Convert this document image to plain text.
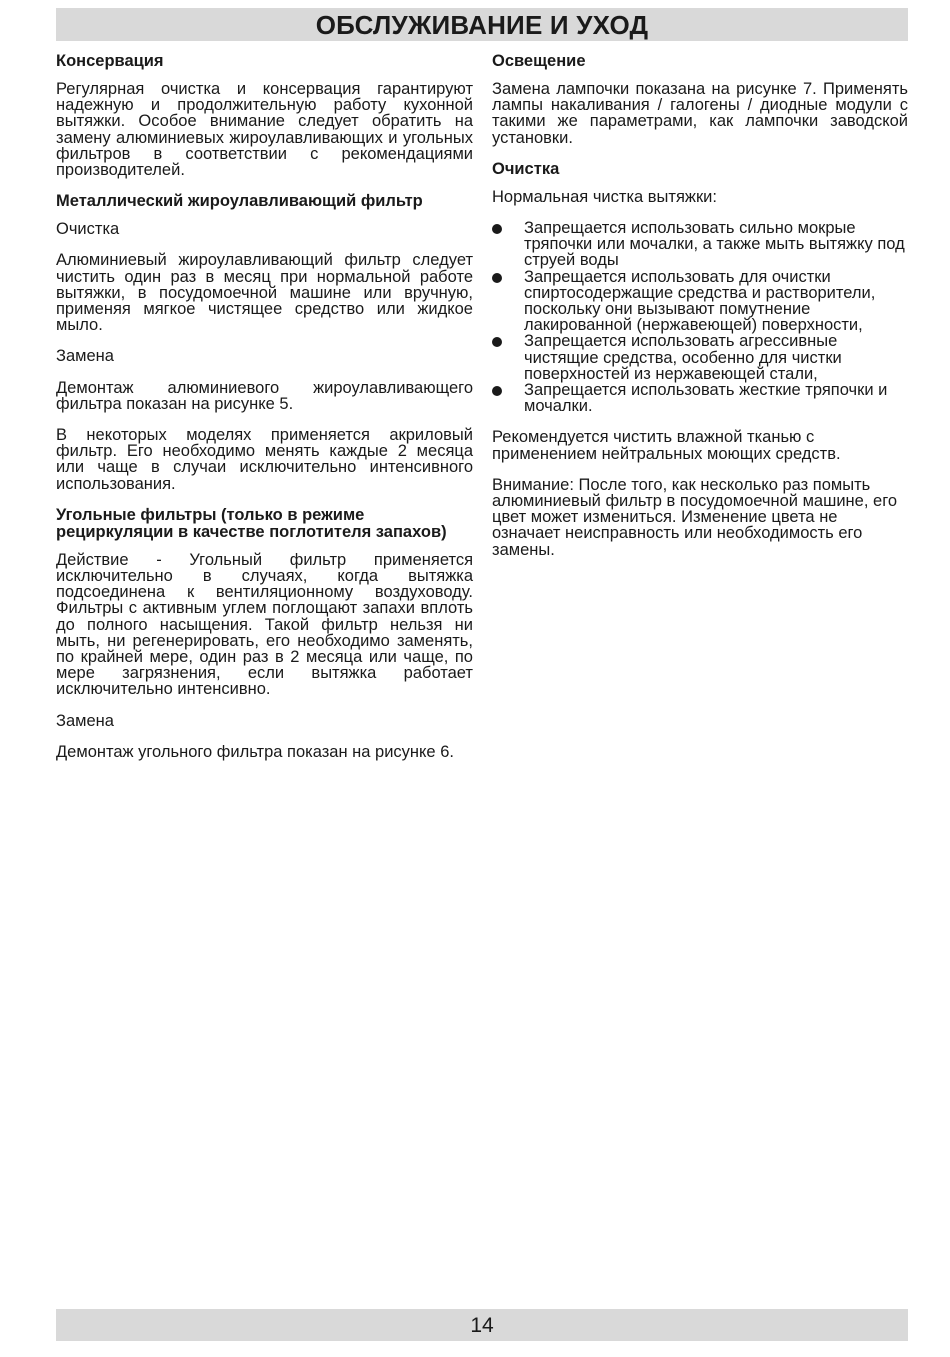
ОБСЛУЖИВАНИЕ И УХОД
Консервация

Регулярная очистка и консервация гарантируют надежную и продолжительную работу кухонной вытяжки. Особое внимание следует обратить на замену алюминиевых жироулавливающих и угольных фильтров в соответствии с рекомендациями производителей.

Металлический жироулавливающий фильтр

Очистка

Алюминиевый жироулавливающий фильтр следует чистить один раз в месяц при нормальной работе вытяжки, в посудомоечной машине или вручную, применяя мягкое чистящее средство или жидкое мыло.

Замена

Демонтаж алюминиевого жироулавливающего фильтра показан на рисунке 5.

В некоторых моделях применяется акриловый фильтр. Его необходимо менять каждые 2 месяца или чаще в случаи исключительно интенсивного использования.

Угольные фильтры (только в режиме рециркуляции в качестве поглотителя запахов)

Действие - Угольный фильтр применяется исключительно в случаях, когда вытяжка подсоединена к вентиляционному воздуховоду. Фильтры с активным углем поглощают запахи вплоть до полного насыщения. Такой фильтр нельзя ни мыть, ни регенерировать, его необходимо заменять, по крайней мере, один раз в 2 месяца или чаще, по мере загрязнения, если вытяжка работает исключительно интенсивно.

Замена

Демонтаж угольного фильтра показан на рисунке 6.

Освещение

Замена лампочки показана на рисунке 7. Применять лампы накаливания / галогены / диодные модули с такими же параметрами, как лампочки заводской установки.

Очистка

Нормальная чистка вытяжки:

Запрещается использовать сильно мокрые тряпочки или мочалки, а также мыть вытяжку под струей воды
Запрещается использовать для очистки спиртосодержащие средства и растворители, поскольку они вызывают помутнение лакированной (нержавеющей) поверхности,
Запрещается использовать агрессивные чистящие средства, особенно для чистки поверхностей из нержавеющей стали,
Запрещается использовать жесткие тряпочки и мочалки.

Рекомендуется чистить влажной тканью с применением нейтральных моющих средств.

Внимание: После того, как несколько раз помыть алюминиевый фильтр в посудомоечной машине, его цвет может измениться. Изменение цвета не означает неисправность или необходимость его замены.

14
